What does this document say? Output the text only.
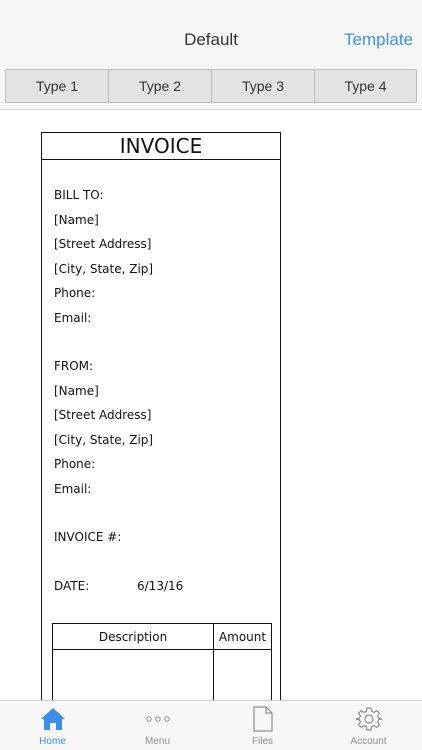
Default	Template
Type 1	Type 2	Type 3	Type 4
INVOICE
BILL TO:
[Name]
[Street Address]
[City, State, Zip]
Phone:
Email:
FROM:
[Name]
[Street Address]
[City, State, Zip]
Phone:
Email:
INVOICE #:
DATE:	6/13/16
Description	Amount

Home	Menu	Files	Account
